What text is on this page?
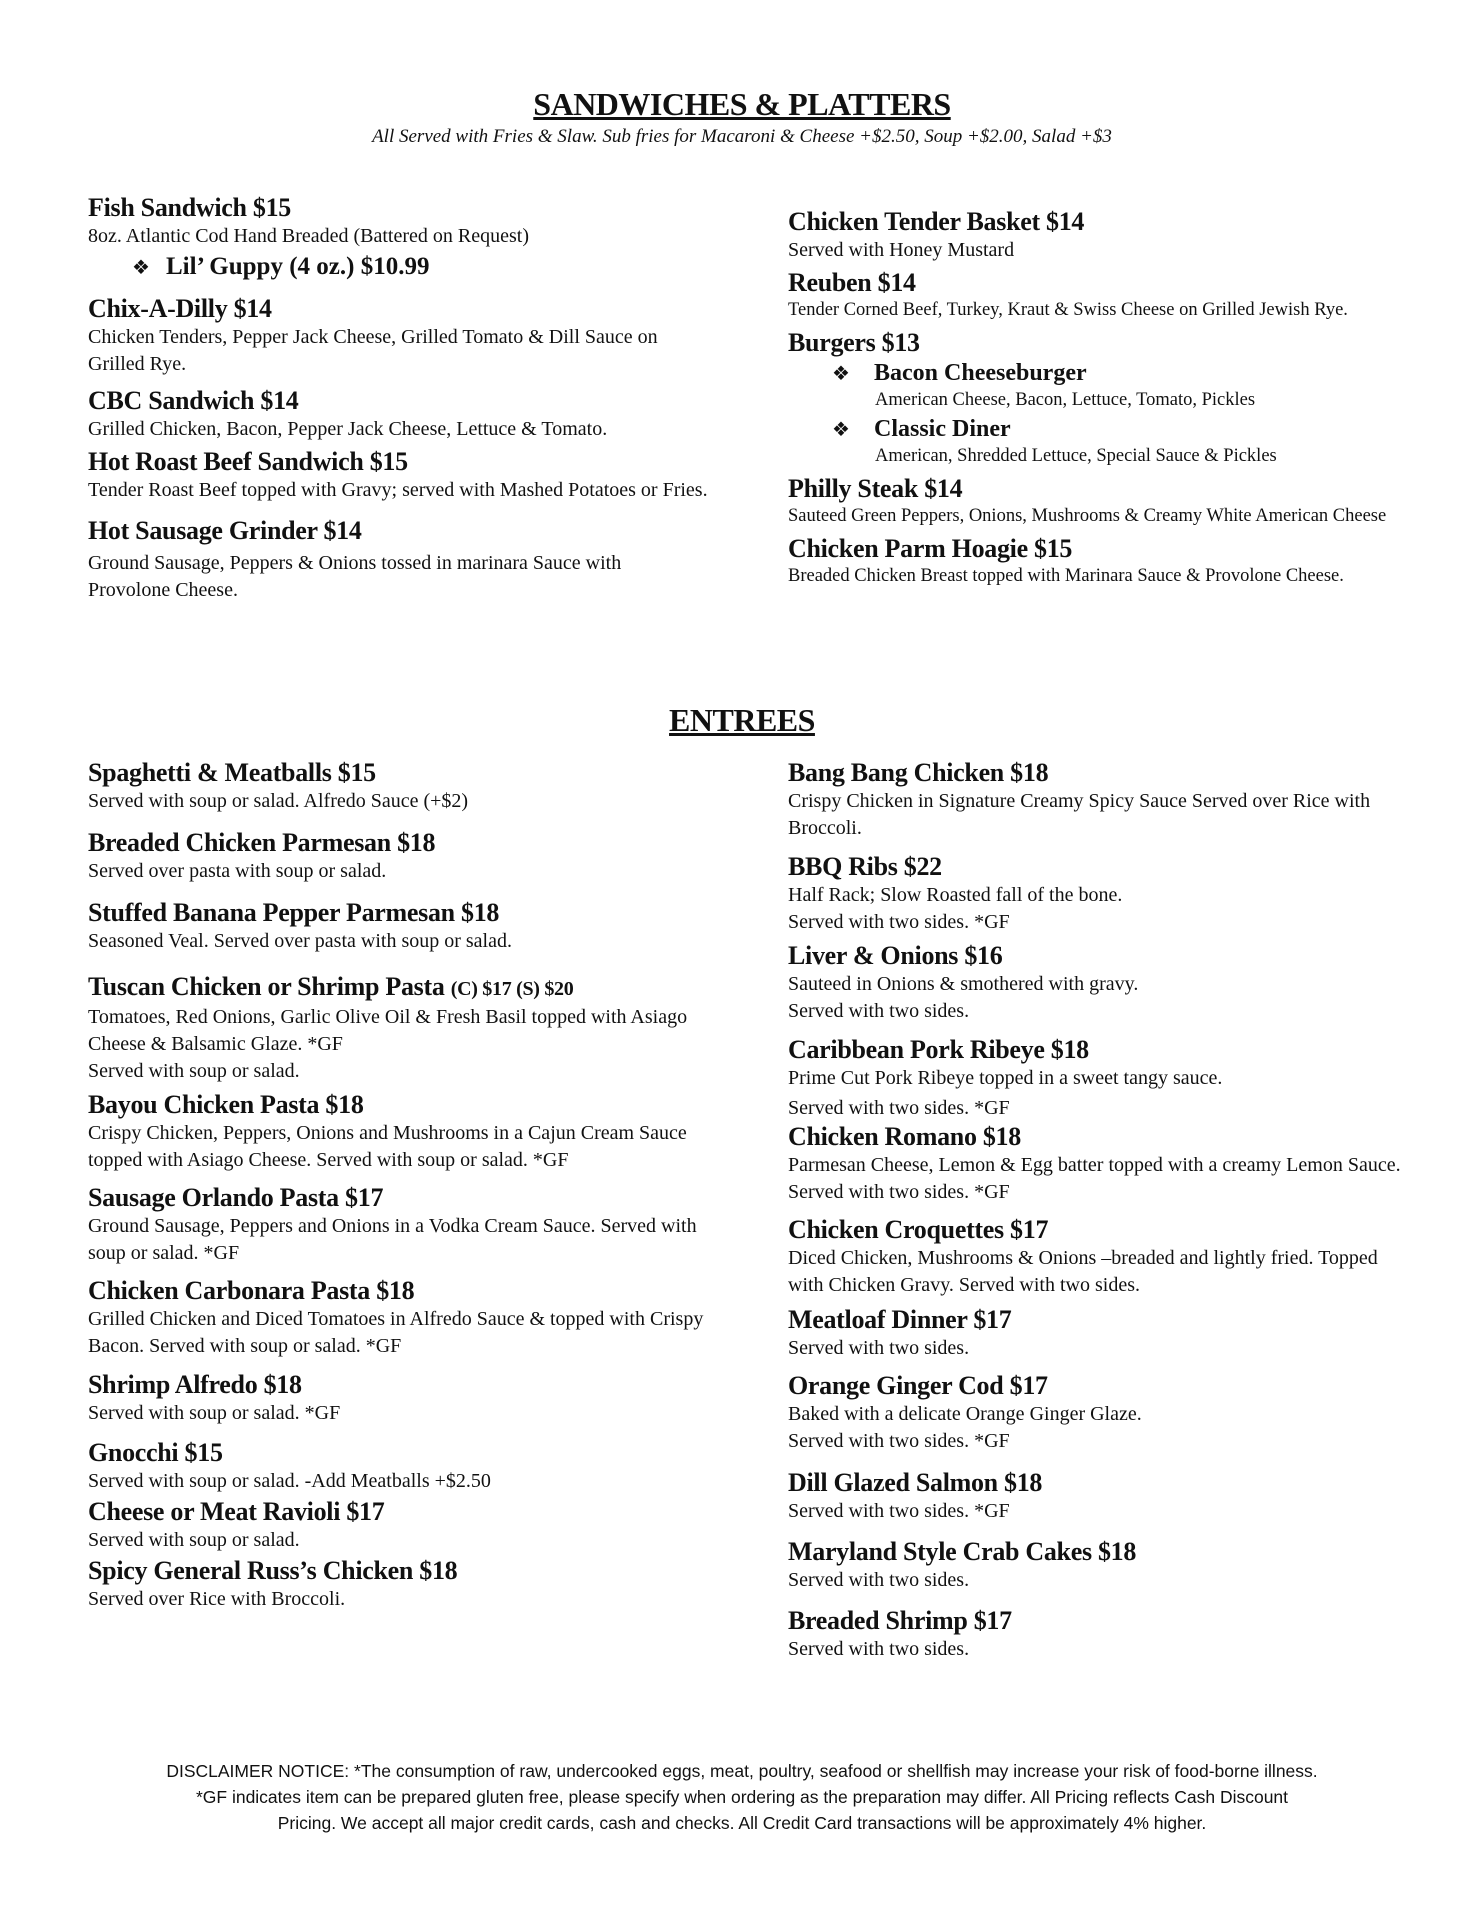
SANDWICHES & PLATTERS

All Served with Fries & Slaw. Sub fries for Macaroni & Cheese +$2.50, Soup +$2.00, Salad +$3

Fish Sandwich $15
8oz. Atlantic Cod Hand Breaded (Battered on Request)
❖ Lil’ Guppy (4 oz.) $10.99
Chix-A-Dilly $14
Chicken Tenders, Pepper Jack Cheese, Grilled Tomato & Dill Sauce on Grilled Rye.
CBC Sandwich $14
Grilled Chicken, Bacon, Pepper Jack Cheese, Lettuce & Tomato.
Hot Roast Beef Sandwich $15
Tender Roast Beef topped with Gravy; served with Mashed Potatoes or Fries.
Hot Sausage Grinder $14
Ground Sausage, Peppers & Onions tossed in marinara Sauce with Provolone Cheese.
Chicken Tender Basket $14
Served with Honey Mustard
Reuben $14
Tender Corned Beef, Turkey, Kraut & Swiss Cheese on Grilled Jewish Rye.
Burgers $13
❖ Bacon Cheeseburger
American Cheese, Bacon, Lettuce, Tomato, Pickles
❖ Classic Diner
American, Shredded Lettuce, Special Sauce & Pickles
Philly Steak $14
Sauteed Green Peppers, Onions, Mushrooms & Creamy White American Cheese
Chicken Parm Hoagie $15
Breaded Chicken Breast topped with Marinara Sauce & Provolone Cheese.
ENTREES
Spaghetti & Meatballs $15
Served with soup or salad. Alfredo Sauce (+$2)
Breaded Chicken Parmesan $18
Served over pasta with soup or salad.
Stuffed Banana Pepper Parmesan $18
Seasoned Veal. Served over pasta with soup or salad.
Tuscan Chicken or Shrimp Pasta (C) $17 (S) $20
Tomatoes, Red Onions, Garlic Olive Oil & Fresh Basil topped with Asiago Cheese & Balsamic Glaze. *GF
Served with soup or salad.
Bayou Chicken Pasta $18
Crispy Chicken, Peppers, Onions and Mushrooms in a Cajun Cream Sauce topped with Asiago Cheese. Served with soup or salad. *GF
Sausage Orlando Pasta $17
Ground Sausage, Peppers and Onions in a Vodka Cream Sauce. Served with soup or salad. *GF
Chicken Carbonara Pasta $18
Grilled Chicken and Diced Tomatoes in Alfredo Sauce & topped with Crispy Bacon. Served with soup or salad. *GF
Shrimp Alfredo $18
Served with soup or salad. *GF
Gnocchi $15
Served with soup or salad. -Add Meatballs +$2.50
Cheese or Meat Ravioli $17
Served with soup or salad.
Spicy General Russ’s Chicken $18
Served over Rice with Broccoli.
Bang Bang Chicken $18
Crispy Chicken in Signature Creamy Spicy Sauce Served over Rice with Broccoli.
BBQ Ribs $22
Half Rack; Slow Roasted fall of the bone.
Served with two sides. *GF
Liver & Onions $16
Sauteed in Onions & smothered with gravy.
Served with two sides.
Caribbean Pork Ribeye $18
Prime Cut Pork Ribeye topped in a sweet tangy sauce.
Served with two sides. *GF
Chicken Romano $18
Parmesan Cheese, Lemon & Egg batter topped with a creamy Lemon Sauce. Served with two sides. *GF
Chicken Croquettes $17
Diced Chicken, Mushrooms & Onions –breaded and lightly fried. Topped with Chicken Gravy. Served with two sides.
Meatloaf Dinner $17
Served with two sides.
Orange Ginger Cod $17
Baked with a delicate Orange Ginger Glaze.
Served with two sides. *GF
Dill Glazed Salmon $18
Served with two sides. *GF
Maryland Style Crab Cakes $18
Served with two sides.
Breaded Shrimp $17
Served with two sides.
DISCLAIMER NOTICE: *The consumption of raw, undercooked eggs, meat, poultry, seafood or shellfish may increase your risk of food-borne illness.
*GF indicates item can be prepared gluten free, please specify when ordering as the preparation may differ. All Pricing reflects Cash Discount
Pricing. We accept all major credit cards, cash and checks. All Credit Card transactions will be approximately 4% higher.
